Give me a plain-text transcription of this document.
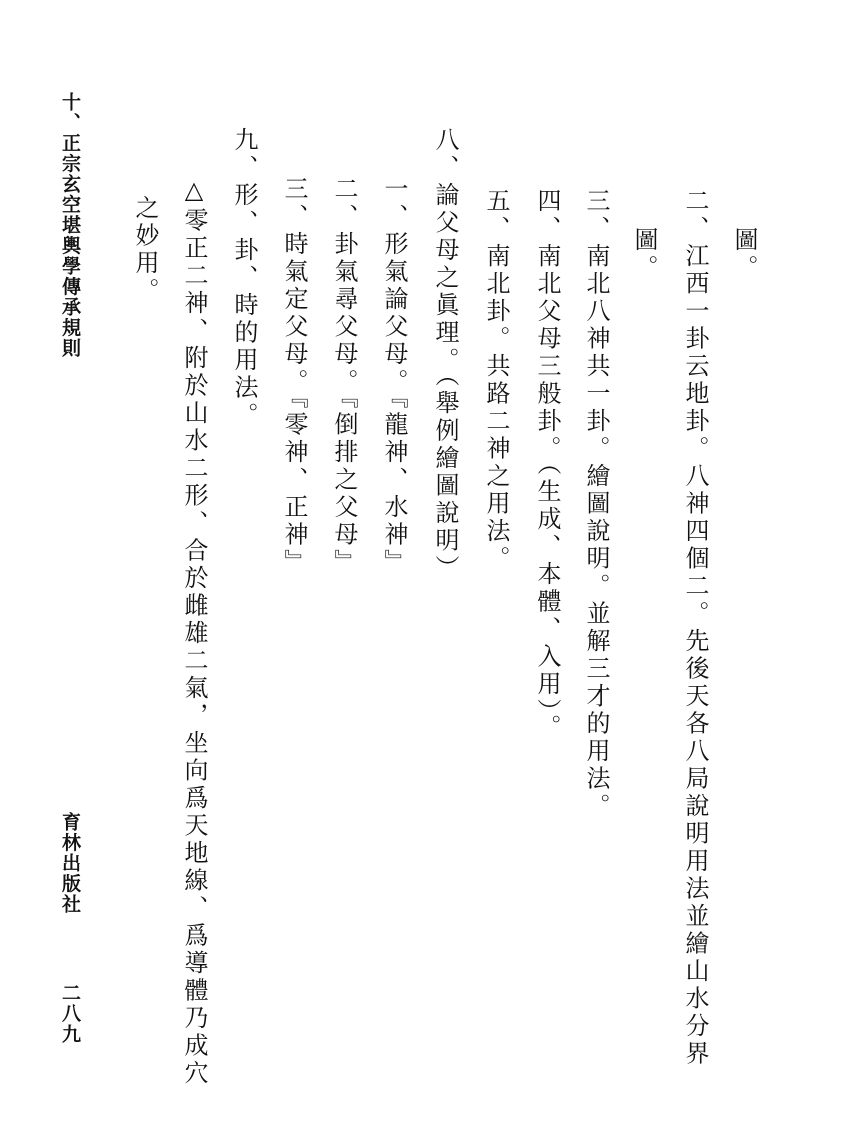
圖。

二、江西一卦云地卦。八神四個二。先後天各八局說明用法並繪山水分界

圖。

三、南北八神共一卦。繪圖說明。並解三才的用法。

四、南北父母三般卦。（生成、本體、入用）。

五、南北卦。共路二神之用法。

八、論父母之眞理。（舉例繪圖說明）

一、形氣論父母。『龍神、水神』

二、卦氣尋父母。『倒排之父母』

三、時氣定父母。『零神、正神』

九、形、卦、時的用法。

△零正二神、附於山水二形、合於雌雄二氣，坐向爲天地線、爲導體乃成穴

之妙用。

十、正宗玄空堪輿學傳承規則

育林出版社

二八九
